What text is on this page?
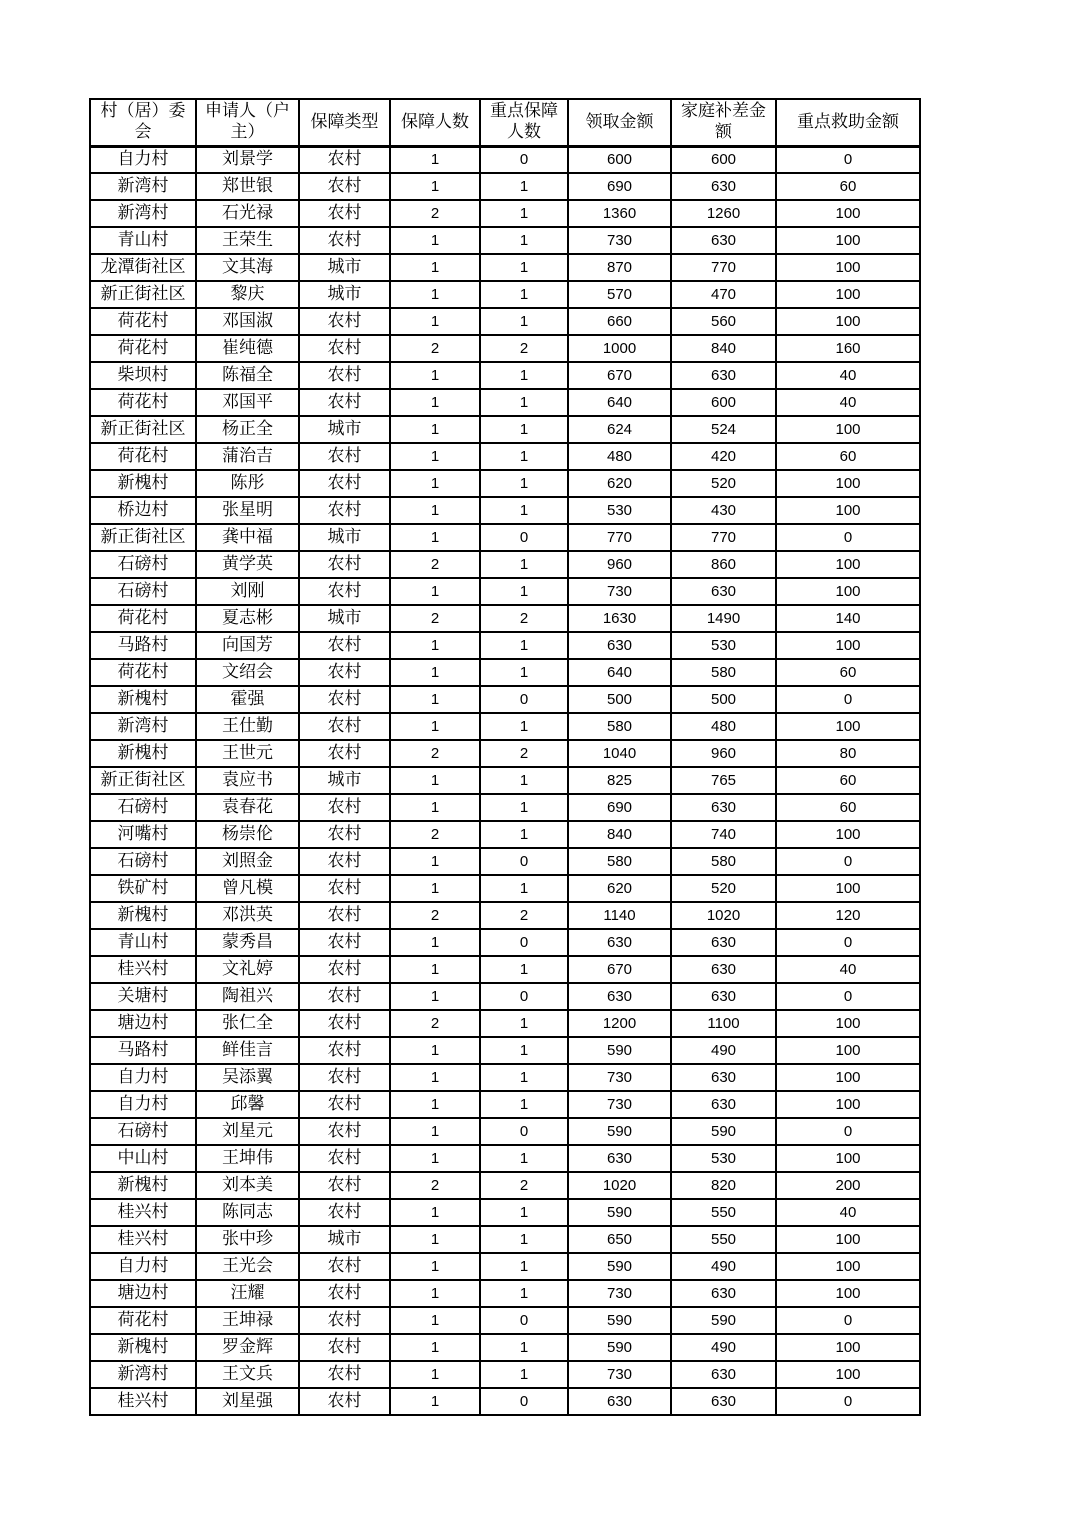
村（居）委会	申请人（户主）	保障类型	保障人数	重点保障人数	领取金额	家庭补差金额	重点救助金额
自力村	刘景学	农村	1	0	600	600	0
新湾村	郑世银	农村	1	1	690	630	60
新湾村	石光禄	农村	2	1	1360	1260	100
青山村	王荣生	农村	1	1	730	630	100
龙潭街社区	文其海	城市	1	1	870	770	100
新正街社区	黎庆	城市	1	1	570	470	100
荷花村	邓国淑	农村	1	1	660	560	100
荷花村	崔纯德	农村	2	2	1000	840	160
柴坝村	陈福全	农村	1	1	670	630	40
荷花村	邓国平	农村	1	1	640	600	40
新正街社区	杨正全	城市	1	1	624	524	100
荷花村	蒲治吉	农村	1	1	480	420	60
新槐村	陈彤	农村	1	1	620	520	100
桥边村	张星明	农村	1	1	530	430	100
新正街社区	龚中福	城市	1	0	770	770	0
石磅村	黄学英	农村	2	1	960	860	100
石磅村	刘刚	农村	1	1	730	630	100
荷花村	夏志彬	城市	2	2	1630	1490	140
马路村	向国芳	农村	1	1	630	530	100
荷花村	文绍会	农村	1	1	640	580	60
新槐村	霍强	农村	1	0	500	500	0
新湾村	王仕勤	农村	1	1	580	480	100
新槐村	王世元	农村	2	2	1040	960	80
新正街社区	袁应书	城市	1	1	825	765	60
石磅村	袁春花	农村	1	1	690	630	60
河嘴村	杨崇伦	农村	2	1	840	740	100
石磅村	刘照金	农村	1	0	580	580	0
铁矿村	曾凡模	农村	1	1	620	520	100
新槐村	邓洪英	农村	2	2	1140	1020	120
青山村	蒙秀昌	农村	1	0	630	630	0
桂兴村	文礼婷	农村	1	1	670	630	40
关塘村	陶祖兴	农村	1	0	630	630	0
塘边村	张仁全	农村	2	1	1200	1100	100
马路村	鲜佳言	农村	1	1	590	490	100
自力村	吴添翼	农村	1	1	730	630	100
自力村	邱馨	农村	1	1	730	630	100
石磅村	刘星元	农村	1	0	590	590	0
中山村	王坤伟	农村	1	1	630	530	100
新槐村	刘本美	农村	2	2	1020	820	200
桂兴村	陈同志	农村	1	1	590	550	40
桂兴村	张中珍	城市	1	1	650	550	100
自力村	王光会	农村	1	1	590	490	100
塘边村	汪耀	农村	1	1	730	630	100
荷花村	王坤禄	农村	1	0	590	590	0
新槐村	罗金辉	农村	1	1	590	490	100
新湾村	王文兵	农村	1	1	730	630	100
桂兴村	刘星强	农村	1	0	630	630	0
